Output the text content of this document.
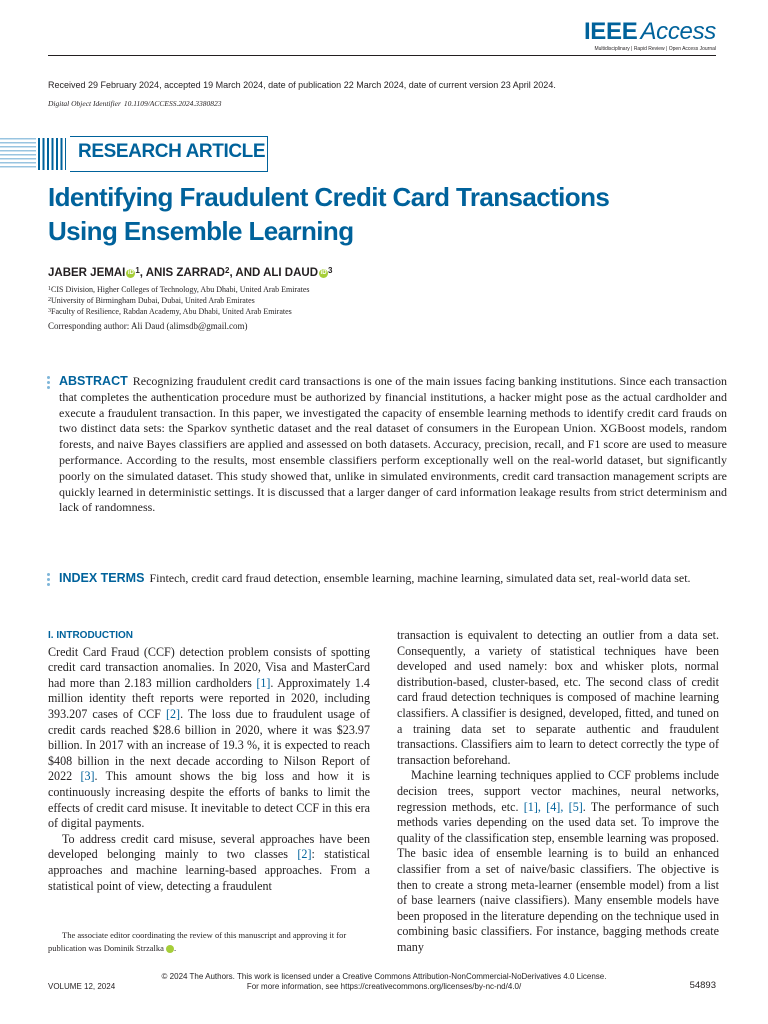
IEEE Access
Multidisciplinary | Rapid Review | Open Access Journal
Received 29 February 2024, accepted 19 March 2024, date of publication 22 March 2024, date of current version 23 April 2024.
Digital Object Identifier 10.1109/ACCESS.2024.3380823
RESEARCH ARTICLE
Identifying Fraudulent Credit Card Transactions
Using Ensemble Learning
JABER JEMAI iD $^1$, ANIS ZARRAD$^2$, AND ALI DAUD iD $^3$
$^1$CIS Division, Higher Colleges of Technology, Abu Dhabi, United Arab Emirates
$^2$University of Birmingham Dubai, Dubai, United Arab Emirates
$^3$Faculty of Resilience, Rabdan Academy, Abu Dhabi, United Arab Emirates
Corresponding author: Ali Daud (alimsdb@gmail.com)
ABSTRACT Recognizing fraudulent credit card transactions is one of the main issues facing banking institutions. Since each transaction that completes the authentication procedure must be authorized by financial institutions, a hacker might pose as the actual cardholder and execute a fraudulent transaction. In this paper, we investigated the capacity of ensemble learning methods to identify credit card frauds on two distinct data sets: the Sparkov synthetic dataset and the real dataset of consumers in the European Union. XGBoost models, random forests, and naive Bayes classifiers are applied and assessed on both datasets. Accuracy, precision, recall, and F1 score are used to measure performance. According to the results, most ensemble classifiers perform exceptionally well on the real-world dataset, but significantly poorly on the simulated dataset. This study showed that, unlike in simulated environments, credit card transaction management scripts are quickly learned in deterministic settings. It is discussed that a larger danger of card information leakage results from strict determinism and lack of randomness.
INDEX TERMS Fintech, credit card fraud detection, ensemble learning, machine learning, simulated data set, real-world data set.
I. INTRODUCTION

Credit Card Fraud (CCF) detection problem consists of spotting credit card transaction anomalies. In 2020, Visa and MasterCard had more than 2.183 million cardholders [1]. Approximately 1.4 million identity theft reports were reported in 2020, including 393.207 cases of CCF [2]. The loss due to fraudulent usage of credit cards reached $28.6 billion in 2020, where it was $23.97 billion. In 2017 with an increase of 19.3 %, it is expected to reach $408 billion in the next decade according to Nilson Report of 2022 [3]. This amount shows the big loss and how it is continuously increasing despite the efforts of banks to limit the effects of credit card misuse. It inevitable to detect CCF in this era of digital payments.

To address credit card misuse, several approaches have been developed belonging mainly to two classes [2]: statistical approaches and machine learning-based approaches. From a statistical point of view, detecting a fraudulent

transaction is equivalent to detecting an outlier from a data set. Consequently, a variety of statistical techniques have been developed and used namely: box and whisker plots, normal distribution-based, cluster-based, etc. The second class of credit card fraud detection techniques is composed of machine learning classifiers. A classifier is designed, developed, fitted, and tuned on a training data set to separate authentic and fraudulent transactions. Classifiers aim to learn to detect correctly the type of transaction beforehand.

Machine learning techniques applied to CCF problems include decision trees, support vector machines, neural networks, regression methods, etc. [1], [4], [5]. The performance of such methods varies depending on the used data set. To improve the quality of the classification step, ensemble learning was proposed. The basic idea of ensemble learning is to build an enhanced classifier from a set of naive/basic classifiers. The objective is then to create a strong meta-learner (ensemble model) from a list of base learners (naive classifiers). Many ensemble models have been proposed in the literature depending on the technique used in combining basic classifiers. For instance, bagging methods create many

The associate editor coordinating the review of this manuscript and approving it for publication was Dominik Strzalka	iD.

© 2024 The Authors. This work is licensed under a Creative Commons Attribution-NonCommercial-NoDerivatives 4.0 License.
For more information, see https://creativecommons.org/licenses/by-nc-nd/4.0/
VOLUME 12, 2024	54893
